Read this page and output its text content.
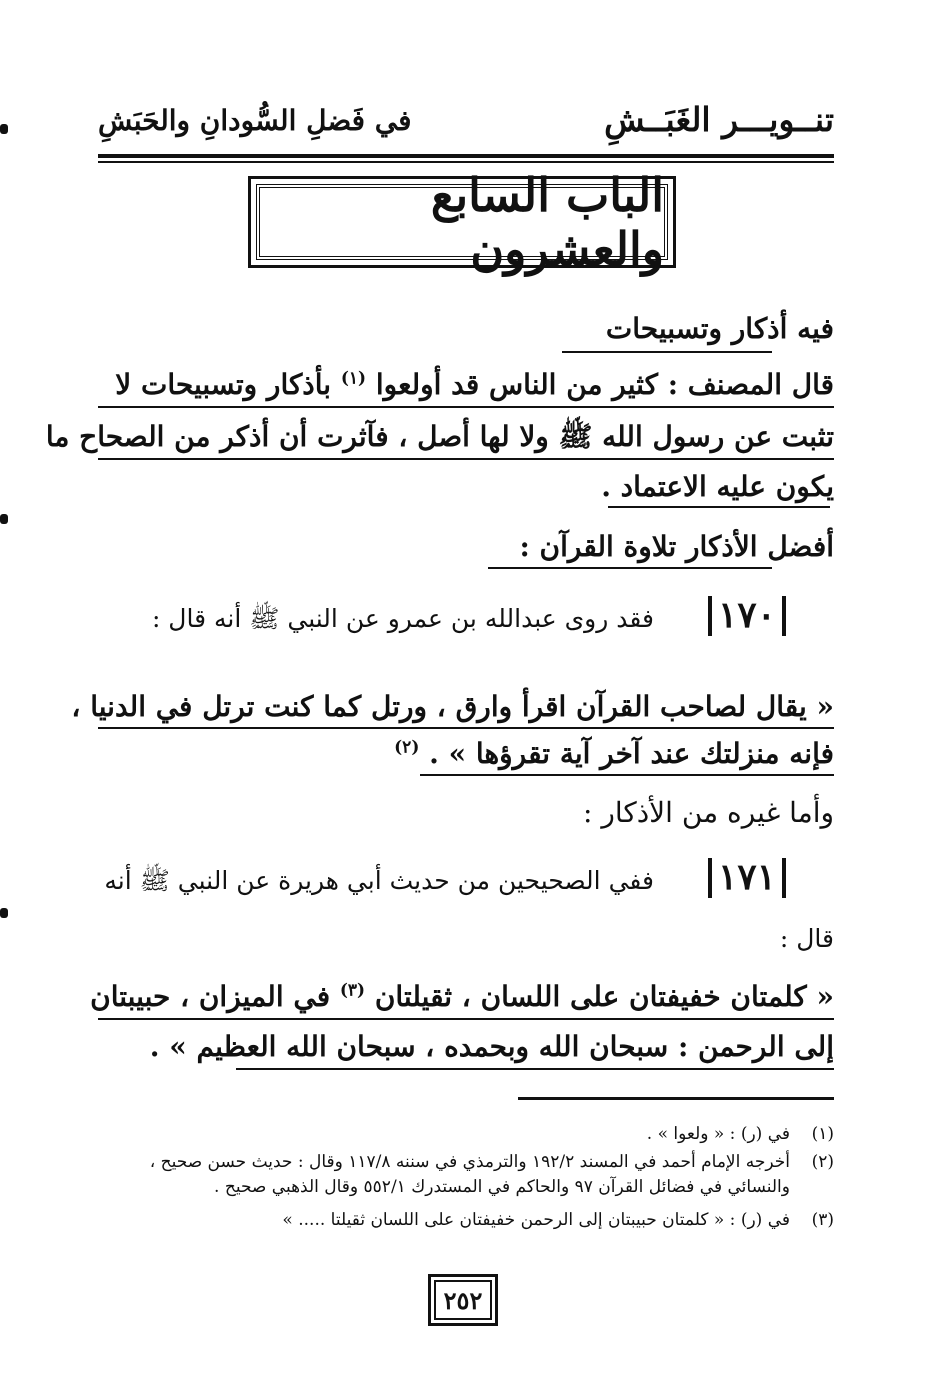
تنــويـــر الغَبَــشِ
في فَضلِ السُّودانِ والحَبَشِ
الباب السابع والعشرون
فيه أذكار وتسبيحات
قال المصنف : كثير من الناس قد أولعوا $^{(١)}$ بأذكار وتسبيحات لا
تثبت عن رسول الله ﷺ ولا لها أصل ، فآثرت أن أذكر من الصحاح ما
يكون عليه الاعتماد .
أفضل الأذكار تلاوة القرآن :
١٧٠
فقد روى عبدالله بن عمرو عن النبي ﷺ أنه قال :
« يقال لصاحب القرآن اقرأ وارق ، ورتل كما كنت ترتل في الدنيا ،
فإنه منزلتك عند آخر آية تقرؤها » . $^{(٢)}$
وأما غيره من الأذكار :
١٧١
ففي الصحيحين من حديث أبي هريرة عن النبي ﷺ أنه
قال :
« كلمتان خفيفتان على اللسان ، ثقيلتان $^{(٣)}$ في الميزان ، حبيبتان
إلى الرحمن : سبحان الله وبحمده ، سبحان الله العظيم » .
(١)
في (ر) : « ولعوا » .
(٢)
أخرجه الإمام أحمد في المسند ١٩٢/٢ والترمذي في سننه ١١٧/٨ وقال : حديث حسن صحيح ، والنسائي في فضائل القرآن ٩٧ والحاكم في المستدرك ٥٥٢/١ وقال الذهبي صحيح .
(٣)
في (ر) : « كلمتان حبيبتان إلى الرحمن خفيفتان على اللسان ثقيلتا ..... »
٢٥٢
